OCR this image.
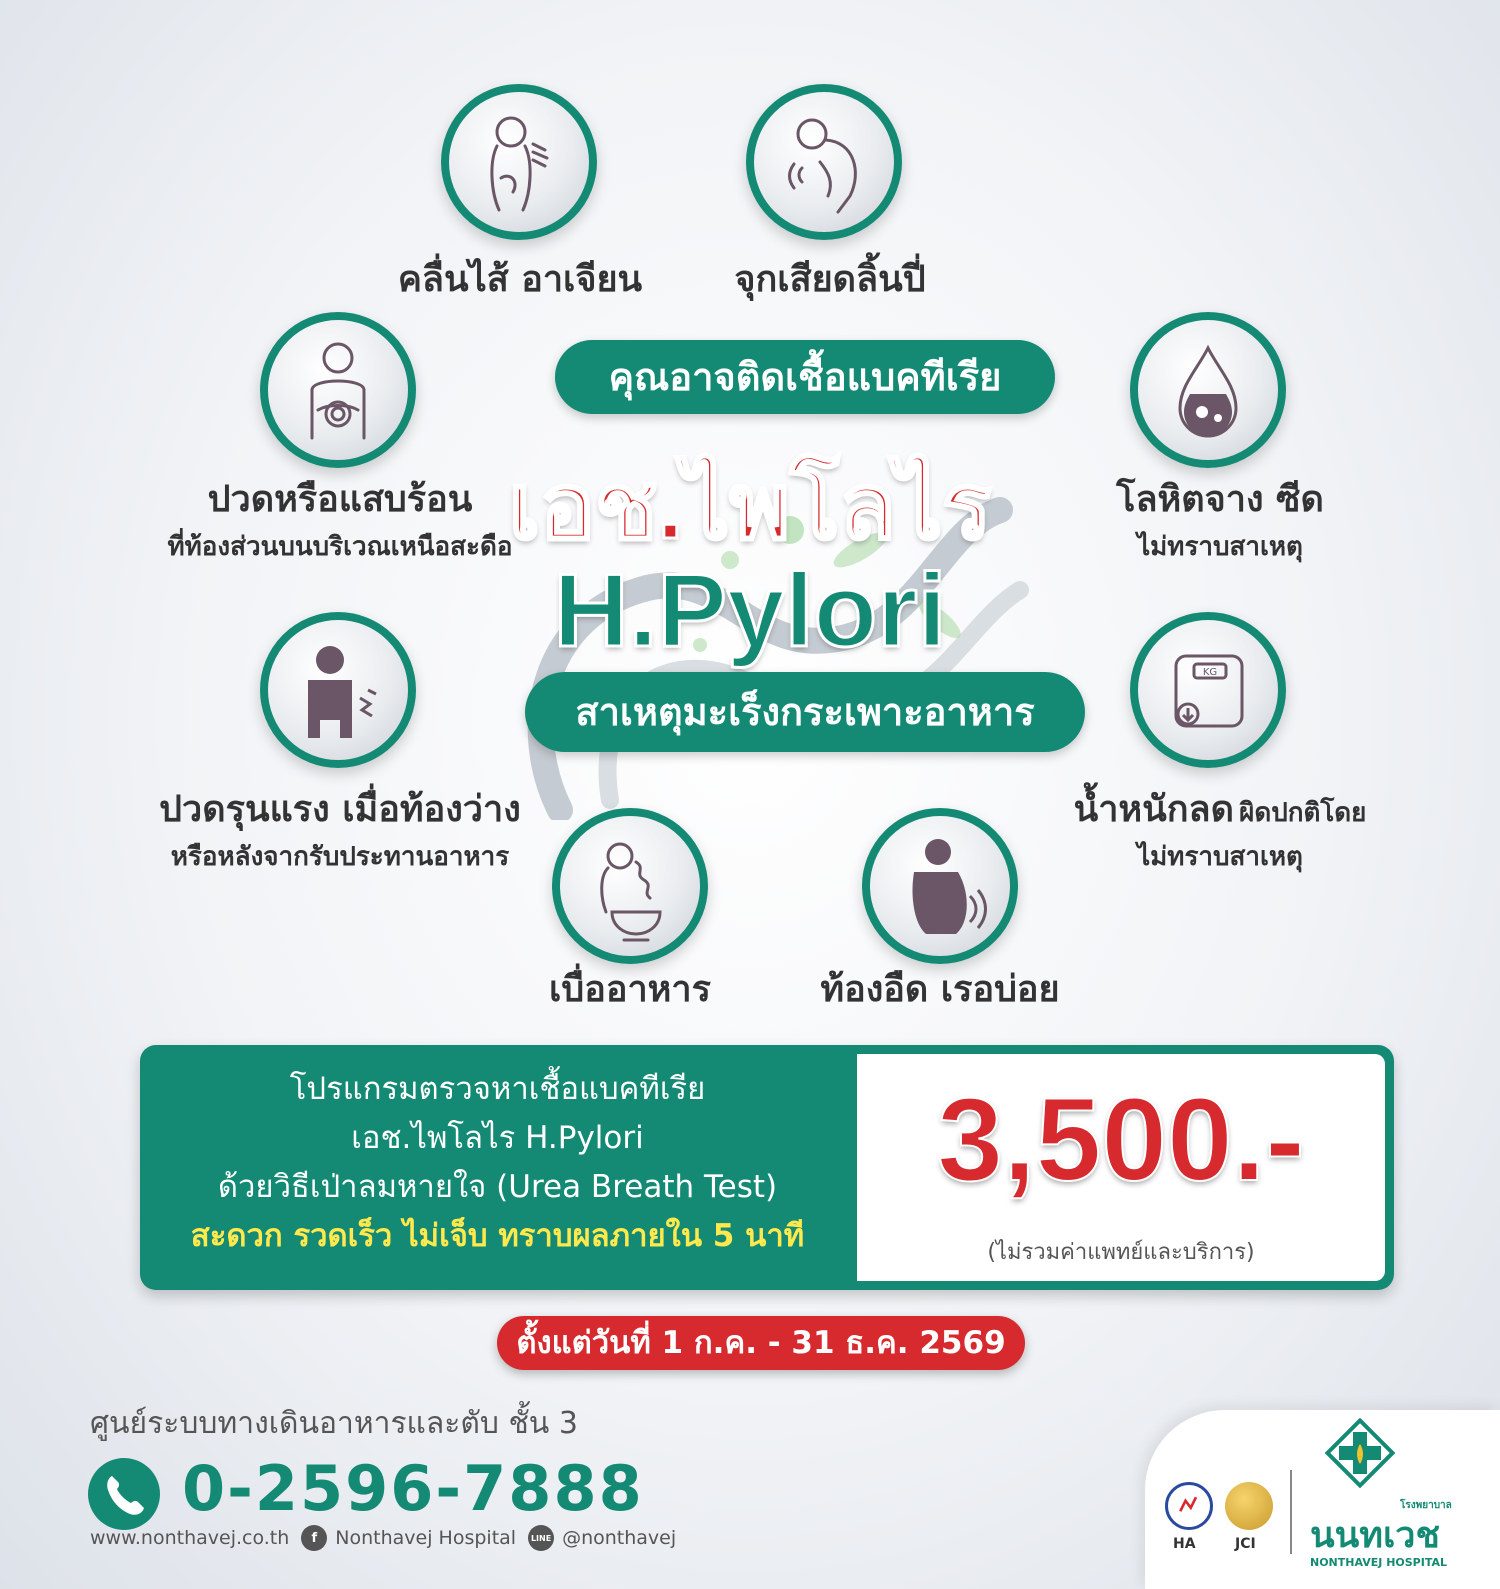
คลื่นไส้ อาเจียน	จุกเสียดลิ้นปี่
ปวดหรือแสบร้อน
ที่ท้องส่วนบนบริเวณเหนือสะดือ
โลหิตจาง ซีด
ไม่ทราบสาเหตุ
ปวดรุนแรง เมื่อท้องว่าง
หรือหลังจากรับประทานอาหาร
KG
น้ำหนักลด ผิดปกติโดย
ไม่ทราบสาเหตุ
เบื่ออาหาร	ท้องอืด เรอบ่อย
คุณอาจติดเชื้อแบคทีเรีย
เอช.ไพโลไร
H.Pylori
สาเหตุมะเร็งกระเพาะอาหาร
โปรแกรมตรวจหาเชื้อแบคทีเรีย
เอช.ไพโลไร H.Pylori
ด้วยวิธีเป่าลมหายใจ (Urea Breath Test)
สะดวก รวดเร็ว ไม่เจ็บ ทราบผลภายใน 5 นาที
3,500.-
(ไม่รวมค่าแพทย์และบริการ)
ตั้งแต่วันที่ 1 ก.ค. - 31 ธ.ค. 2569
ศูนย์ระบบทางเดินอาหารและตับ ชั้น 3
0-2596-7888
www.nonthavej.co.th	f Nonthavej Hospital	LINE @nonthavej	HA	JCI
โรงพยาบาล
นนทเวช
NONTHAVEJ HOSPITAL
